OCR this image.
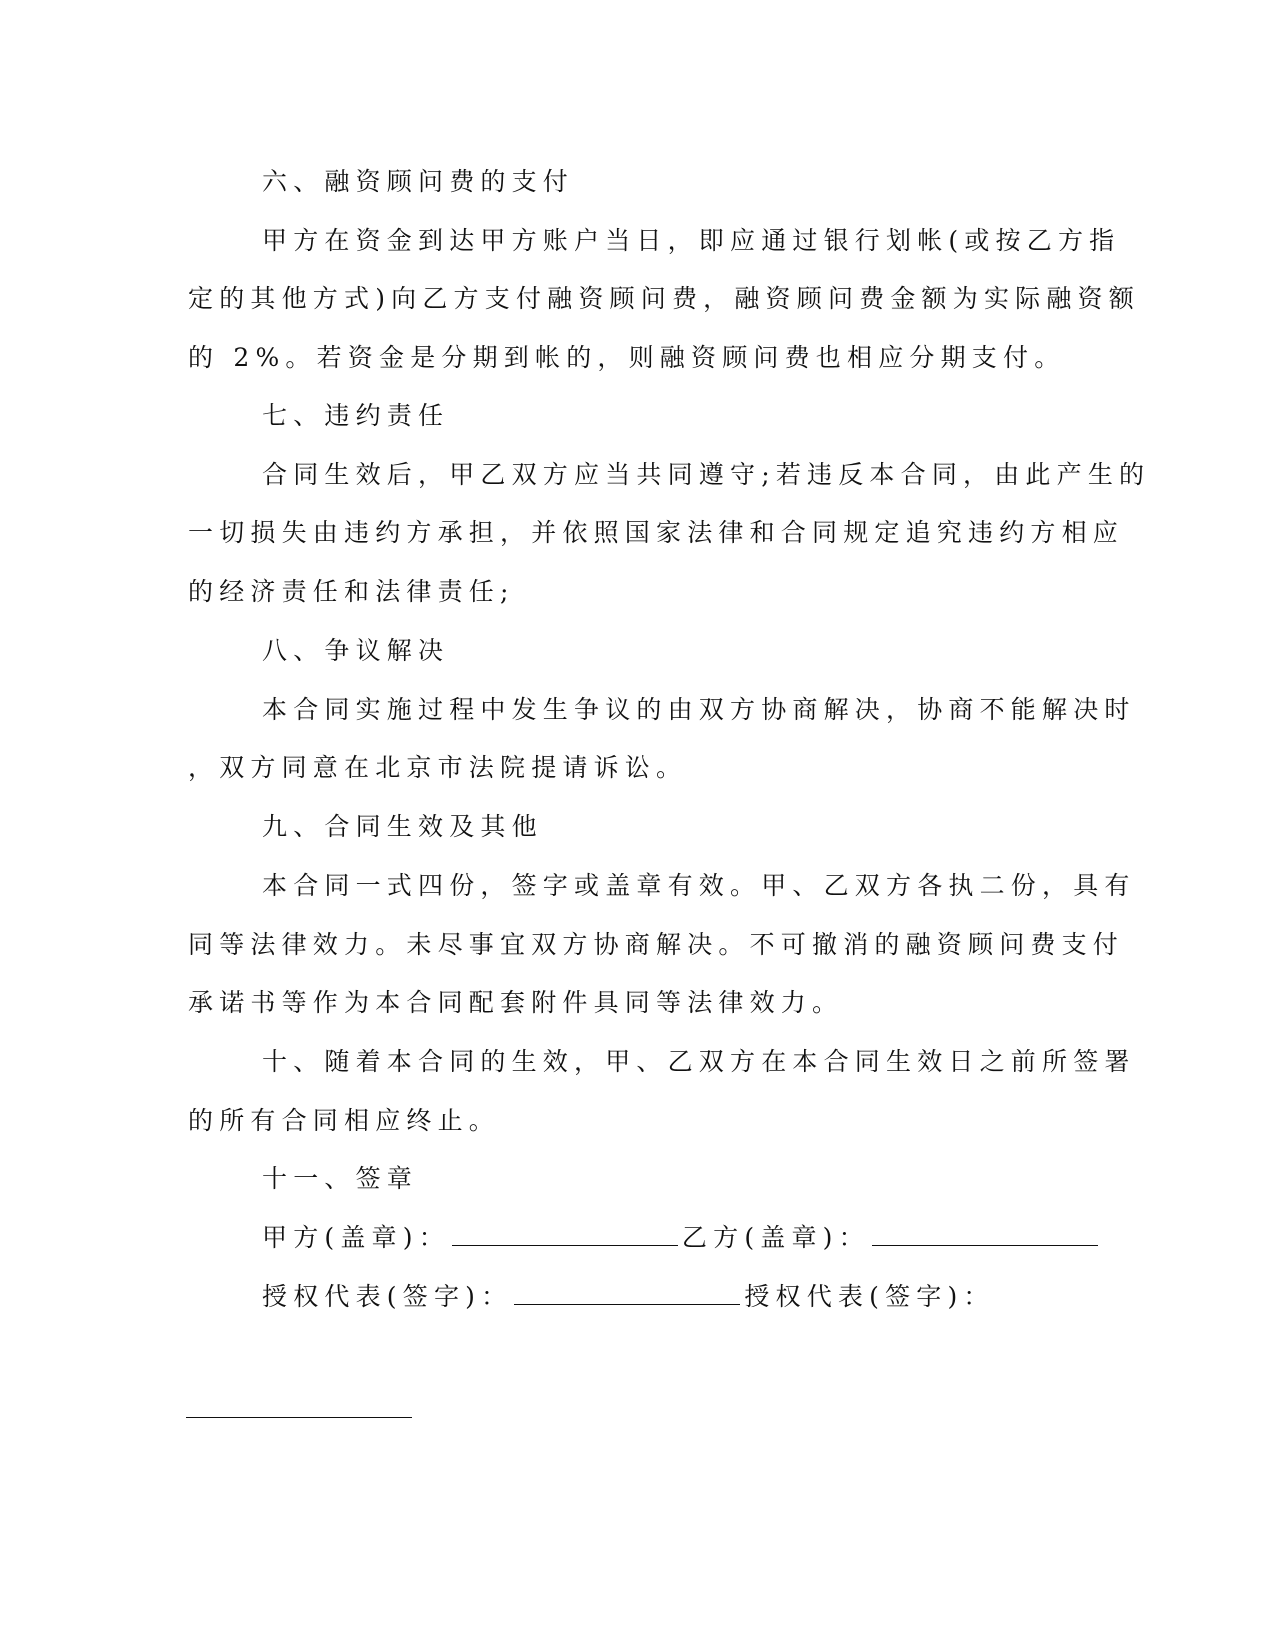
六、融资顾问费的支付
甲方在资金到达甲方账户当日，即应通过银行划帐(或按乙方指
定的其他方式)向乙方支付融资顾问费，融资顾问费金额为实际融资额
的 2%。若资金是分期到帐的，则融资顾问费也相应分期支付。
七、违约责任
合同生效后，甲乙双方应当共同遵守;若违反本合同，由此产生的
一切损失由违约方承担，并依照国家法律和合同规定追究违约方相应
的经济责任和法律责任;
八、争议解决
本合同实施过程中发生争议的由双方协商解决，协商不能解决时
，双方同意在北京市法院提请诉讼。
九、合同生效及其他
本合同一式四份，签字或盖章有效。甲、乙双方各执二份，具有
同等法律效力。未尽事宜双方协商解决。不可撤消的融资顾问费支付
承诺书等作为本合同配套附件具同等法律效力。
十、随着本合同的生效，甲、乙双方在本合同生效日之前所签署
的所有合同相应终止。
十一、签章
甲方(盖章)：	乙方(盖章)：
授权代表(签字)：	授权代表(签字)：
